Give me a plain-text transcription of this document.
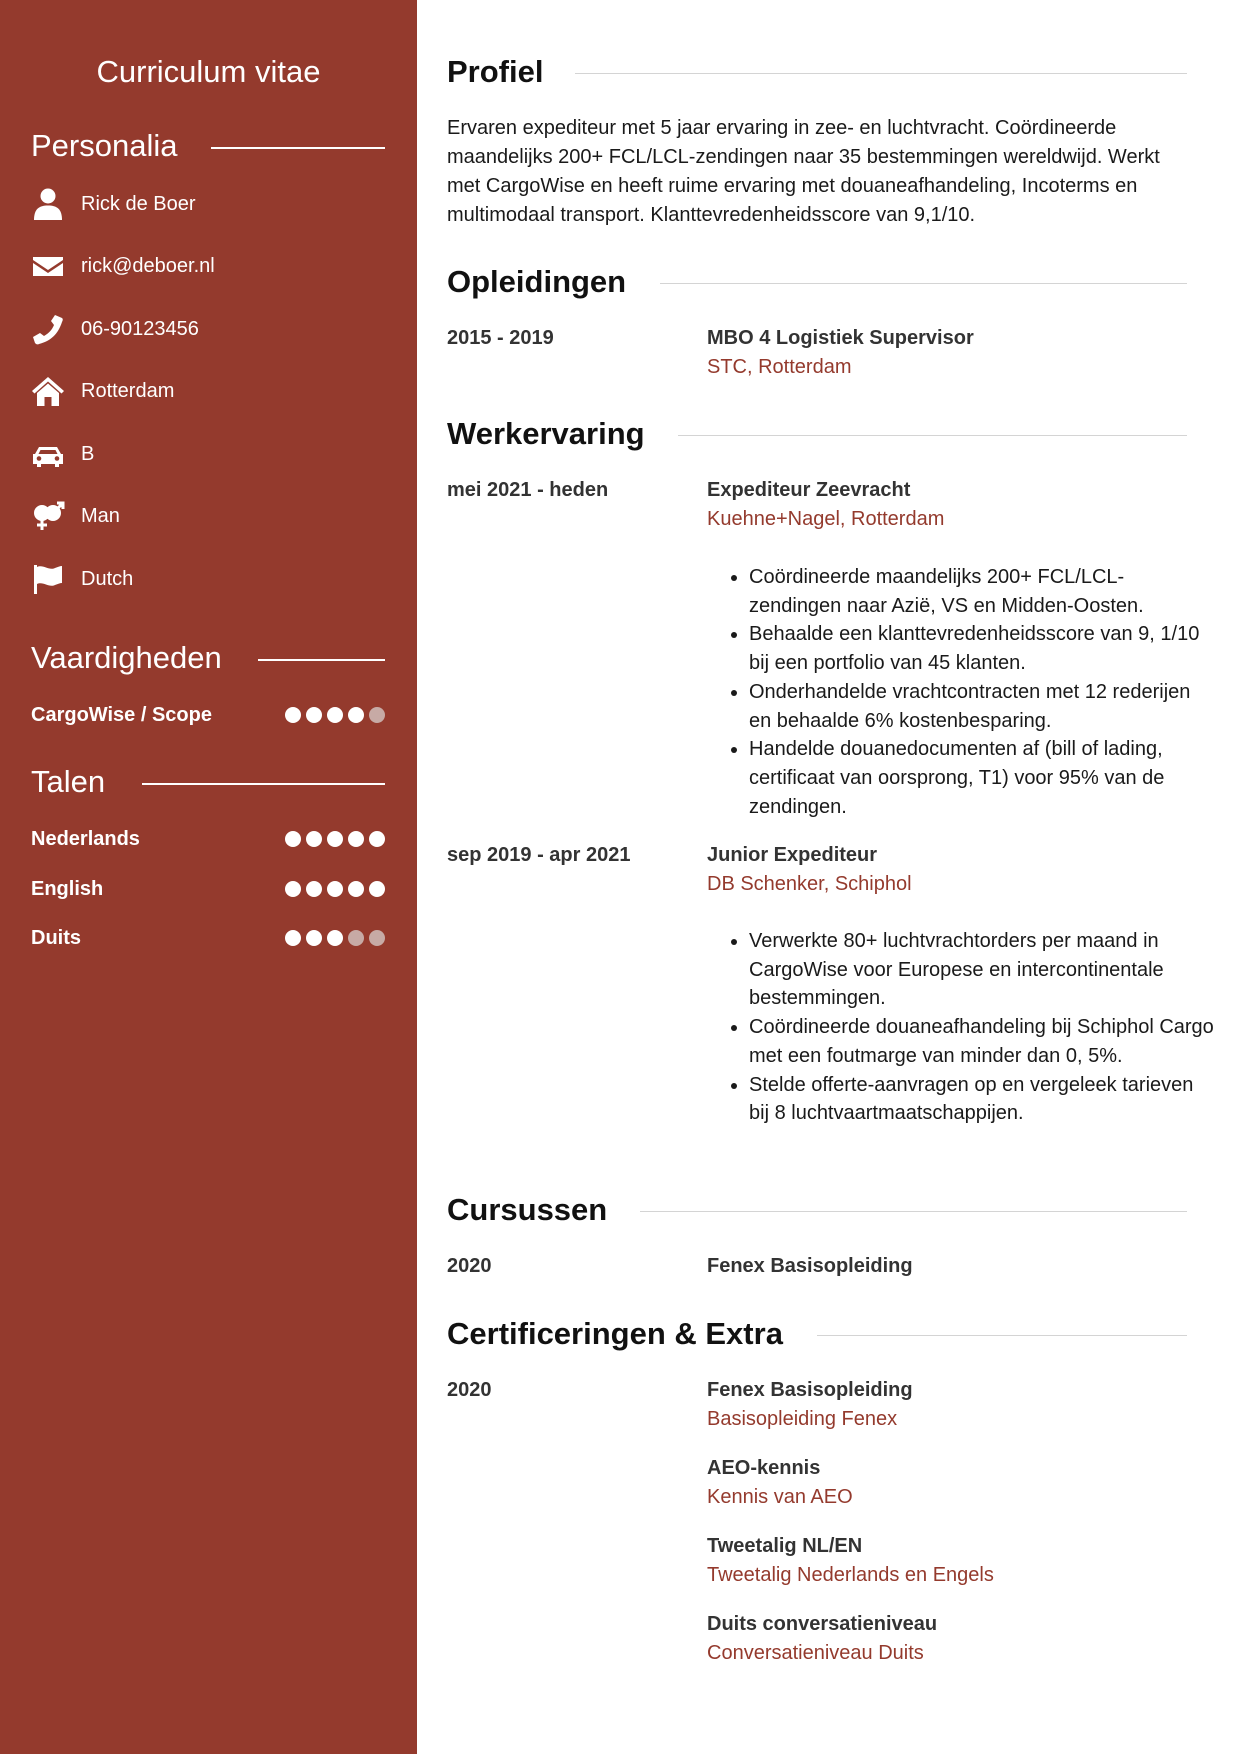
Curriculum vitae
Personalia
Rick de Boer
rick@deboer.nl
06-90123456
Rotterdam
B
Man
Dutch
Vaardigheden
CargoWise / Scope
Talen
Nederlands
English
Duits
Profiel
Ervaren expediteur met 5 jaar ervaring in zee- en luchtvracht. Coördineerde maandelijks 200+ FCL/LCL-zendingen naar 35 bestemmingen wereldwijd. Werkt met CargoWise en heeft ruime ervaring met douaneafhandeling, Incoterms en multimodaal transport. Klanttevredenheidsscore van 9,1/10.
Opleidingen
2015 - 2019	MBO 4 Logistiek Supervisor
STC, Rotterdam
Werkervaring
mei 2021 - heden	Expediteur Zeevracht
Kuehne+Nagel, Rotterdam
• Coördineerde maandelijks 200+ FCL/LCL-zendingen naar Azië, VS en Midden-Oosten.
• Behaalde een klanttevredenheidsscore van 9, 1/10 bij een portfolio van 45 klanten.
• Onderhandelde vrachtcontracten met 12 rederijen en behaalde 6% kostenbesparing.
• Handelde douanedocumenten af (bill of lading, certificaat van oorsprong, T1) voor 95% van de zendingen.
sep 2019 - apr 2021	Junior Expediteur
DB Schenker, Schiphol
• Verwerkte 80+ luchtvrachtorders per maand in CargoWise voor Europese en intercontinentale bestemmingen.
• Coördineerde douaneafhandeling bij Schiphol Cargo met een foutmarge van minder dan 0, 5%.
• Stelde offerte-aanvragen op en vergeleek tarieven bij 8 luchtvaartmaatschappijen.
Cursussen
2020	Fenex Basisopleiding
Certificeringen & Extra
2020	Fenex Basisopleiding
Basisopleiding Fenex
AEO-kennis
Kennis van AEO
Tweetalig NL/EN
Tweetalig Nederlands en Engels
Duits conversatieniveau
Conversatieniveau Duits
